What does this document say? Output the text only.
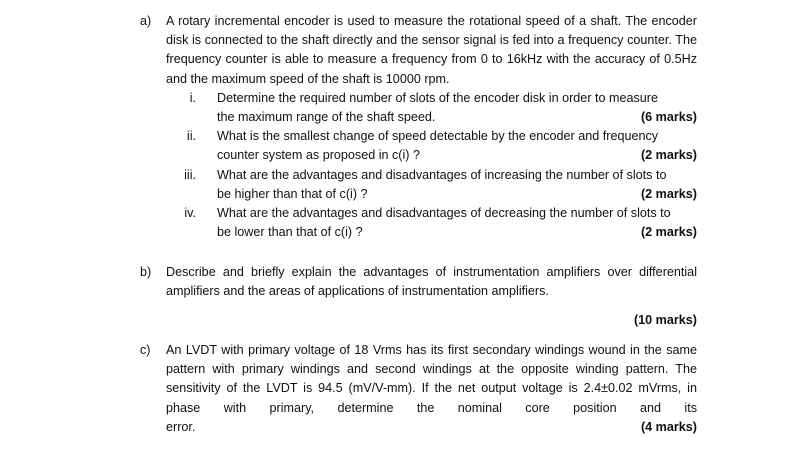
a) A rotary incremental encoder is used to measure the rotational speed of a shaft. The encoder disk is connected to the shaft directly and the sensor signal is fed into a frequency counter. The frequency counter is able to measure a frequency from 0 to 16kHz with the accuracy of 0.5Hz and the maximum speed of the shaft is 10000 rpm.
i. Determine the required number of slots of the encoder disk in order to measure
the maximum range of the shaft speed.	(6 marks)
ii. What is the smallest change of speed detectable by the encoder and frequency
counter system as proposed in c(i) ?	(2 marks)
iii. What are the advantages and disadvantages of increasing the number of slots to
be higher than that of c(i) ?	(2 marks)
iv. What are the advantages and disadvantages of decreasing the number of slots to
be lower than that of c(i) ?	(2 marks)
b) Describe and briefly explain the advantages of instrumentation amplifiers over differential amplifiers and the areas of applications of instrumentation amplifiers.
(10 marks)
c) An LVDT with primary voltage of 18 Vrms has its first secondary windings wound in the same pattern with primary windings and second windings at the opposite winding pattern. The sensitivity of the LVDT is 94.5 (mV/V-mm). If the net output voltage is 2.4±0.02 mVrms, in phase with primary, determine the nominal core position and its
error.	(4 marks)
